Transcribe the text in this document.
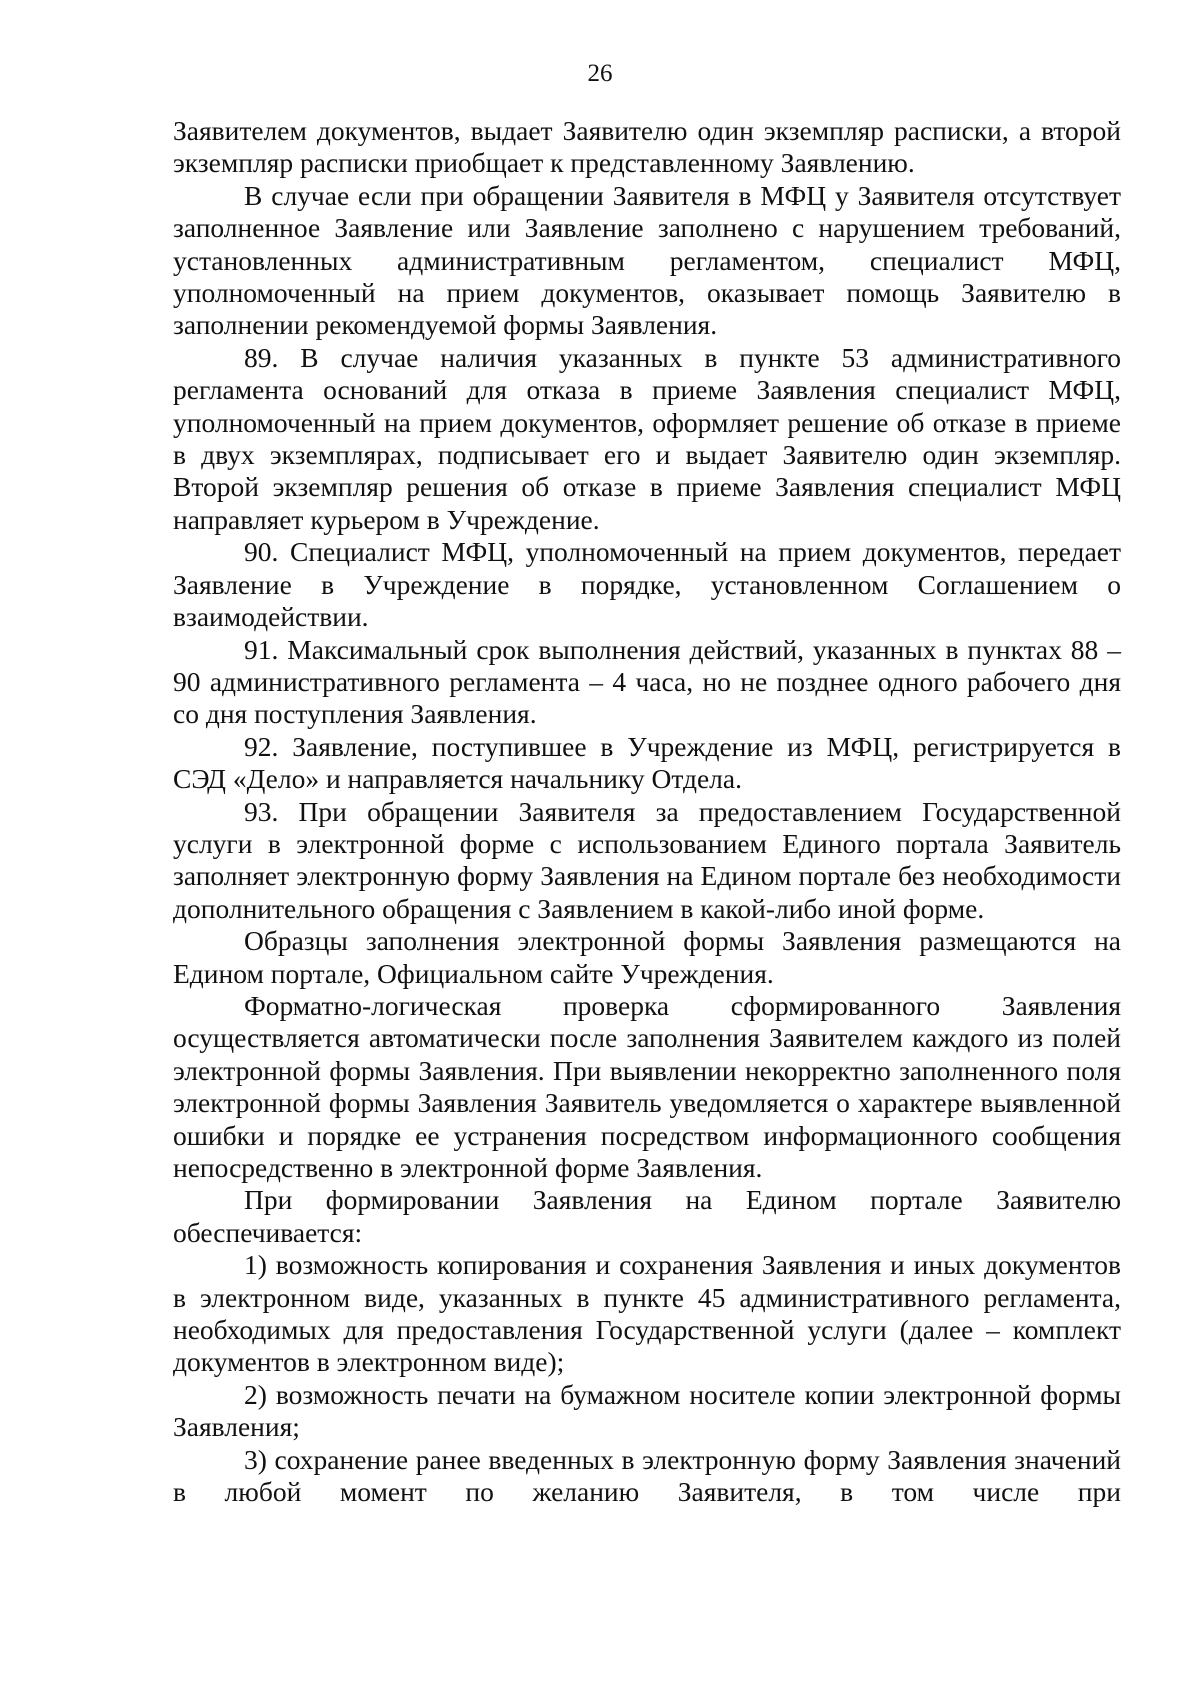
26

Заявителем документов, выдает Заявителю один экземпляр расписки, а второй экземпляр расписки приобщает к представленному Заявлению.

В случае если при обращении Заявителя в МФЦ у Заявителя отсутствует заполненное Заявление или Заявление заполнено с нарушением требований, установленных административным регламентом, специалист МФЦ, уполномоченный на прием документов, оказывает помощь Заявителю в заполнении рекомендуемой формы Заявления.

89. В случае наличия указанных в пункте 53 административного регламента оснований для отказа в приеме Заявления специалист МФЦ, уполномоченный на прием документов, оформляет решение об отказе в приеме в двух экземплярах, подписывает его и выдает Заявителю один экземпляр. Второй экземпляр решения об отказе в приеме Заявления специалист МФЦ направляет курьером в Учреждение.

90. Специалист МФЦ, уполномоченный на прием документов, передает Заявление в Учреждение в порядке, установленном Соглашением о взаимодействии.

91. Максимальный срок выполнения действий, указанных в пунктах 88 – 90 административного регламента – 4 часа, но не позднее одного рабочего дня со дня поступления Заявления.

92. Заявление, поступившее в Учреждение из МФЦ, регистрируется в СЭД «Дело» и направляется начальнику Отдела.

93. При обращении Заявителя за предоставлением Государственной услуги в электронной форме с использованием Единого портала Заявитель заполняет электронную форму Заявления на Едином портале без необходимости дополнительного обращения с Заявлением в какой-либо иной форме.

Образцы заполнения электронной формы Заявления размещаются на Едином портале, Официальном сайте Учреждения.

Форматно-логическая проверка сформированного Заявления осуществляется автоматически после заполнения Заявителем каждого из полей электронной формы Заявления. При выявлении некорректно заполненного поля электронной формы Заявления Заявитель уведомляется о характере выявленной ошибки и порядке ее устранения посредством информационного сообщения непосредственно в электронной форме Заявления.

При формировании Заявления на Едином портале Заявителю обеспечивается:

1) возможность копирования и сохранения Заявления и иных документов в электронном виде, указанных в пункте 45 административного регламента, необходимых для предоставления Государственной услуги (далее – комплект документов в электронном виде);

2) возможность печати на бумажном носителе копии электронной формы Заявления;

3) сохранение ранее введенных в электронную форму Заявления значений в любой момент по желанию Заявителя, в том числе при
